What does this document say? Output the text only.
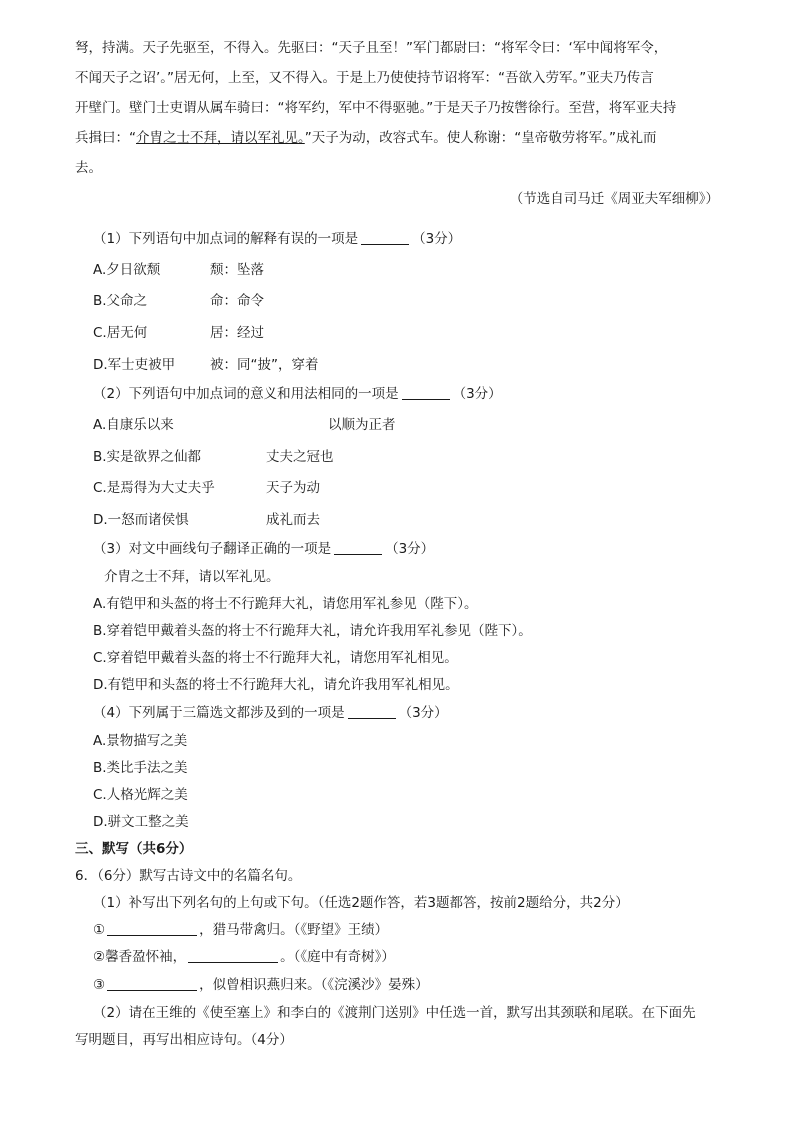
弩，持满。天子先驱至，不得入。先驱曰：“天子且至！”军门都尉曰：“将军令曰：‘军中闻将军令，
不闻天子之诏’。”居无何，上至，又不得入。于是上乃使使持节诏将军：“吾欲入劳军。”亚夫乃传言
开壁门。壁门士吏谓从属车骑曰：“将军约，军中不得驱驰。”于是天子乃按辔徐行。至营，将军亚夫持
兵揖曰：“介胄之士不拜，请以军礼见。”天子为动，改容式车。使人称谢：“皇帝敬劳将军。”成礼而
去。
（节选自司马迁《周亚夫军细柳》）
（1）下列语句中加点词的解释有误的一项是	（3分）
A.夕日欲颓	颓：坠落
B.父命之	命：命令
C.居无何	居：经过
D.军士吏被甲	被：同“披”，穿着
（2）下列语句中加点词的意义和用法相同的一项是	（3分）
A.自康乐以来	以顺为正者
B.实是欲界之仙都	丈夫之冠也
C.是焉得为大丈夫乎	天子为动
D.一怒而诸侯惧	成礼而去
（3）对文中画线句子翻译正确的一项是	（3分）
介胄之士不拜，请以军礼见。
A.有铠甲和头盔的将士不行跪拜大礼，请您用军礼参见（陛下）。
B.穿着铠甲戴着头盔的将士不行跪拜大礼，请允许我用军礼参见（陛下）。
C.穿着铠甲戴着头盔的将士不行跪拜大礼，请您用军礼相见。
D.有铠甲和头盔的将士不行跪拜大礼，请允许我用军礼相见。
（4）下列属于三篇选文都涉及到的一项是	（3分）
A.景物描写之美
B.类比手法之美
C.人格光辉之美
D.骈文工整之美
三、默写（共6分）
6．（6分）默写古诗文中的名篇名句。
（1）补写出下列名句的上句或下句。（任选2题作答，若3题都答，按前2题给分，共2分）
①	，猎马带禽归。（《野望》王绩）
②馨香盈怀袖，	。（《庭中有奇树》）
③	，似曾相识燕归来。（《浣溪沙》晏殊）
（2）请在王维的《使至塞上》和李白的《渡荆门送别》中任选一首，默写出其颈联和尾联。在下面先
写明题目，再写出相应诗句。（4分）
